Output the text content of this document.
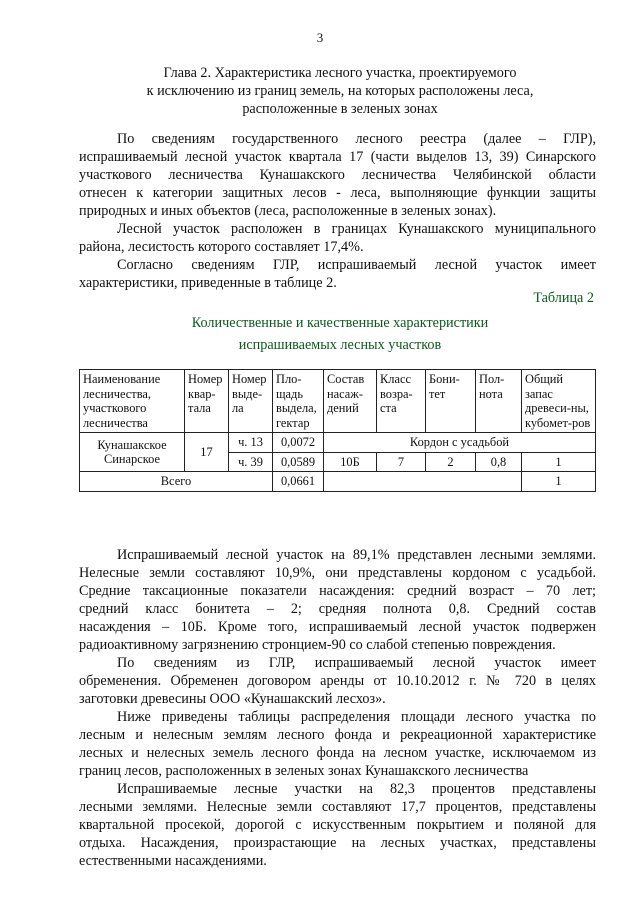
3
Глава 2. Характеристика лесного участка, проектируемого
к исключению из границ земель, на которых расположены леса,
расположенные в зеленых зонах
По сведениям государственного лесного реестра (далее – ГЛР),
испрашиваемый лесной участок квартала 17 (части выделов 13, 39) Синарского
участкового лесничества Кунашакского лесничества Челябинской области
отнесен к категории защитных лесов - леса, выполняющие функции защиты
природных и иных объектов (леса, расположенные в зеленых зонах).
Лесной участок расположен в границах Кунашакского муниципального
района, лесистость которого составляет 17,4%.
Согласно сведениям ГЛР, испрашиваемый лесной участок имеет
характеристики, приведенные в таблице 2.
Таблица 2
Количественные и качественные характеристики
испрашиваемых лесных участков
Наименование лесничества, участкового лесничества	Номер квар-тала	Номер выде-ла	Пло-щадь выдела, гектар	Состав насаж-дений	Класс возра-ста	Бони-тет	Пол-нота	Общий запас древеси-ны, кубомет-ров
Кунашакское Синарское	17	ч. 13	0,0072	Кордон с усадьбой				
		ч. 39	0,0589	10Б	7	2	0,8	1
Всего			0,0661					1
Испрашиваемый лесной участок на 89,1% представлен лесными землями.
Нелесные земли составляют 10,9%, они представлены кордоном с усадьбой.
Средние таксационные показатели насаждения: средний возраст – 70 лет;
средний класс бонитета – 2; средняя полнота 0,8. Средний состав
насаждения – 10Б. Кроме того, испрашиваемый лесной участок подвержен
радиоактивному загрязнению стронцием-90 со слабой степенью повреждения.
По сведениям из ГЛР, испрашиваемый лесной участок имеет
обременения. Обременен договором аренды от 10.10.2012 г. № 720 в целях
заготовки древесины ООО «Кунашакский лесхоз».
Ниже приведены таблицы распределения площади лесного участка по
лесным и нелесным землям лесного фонда и рекреационной характеристике
лесных и нелесных земель лесного фонда на лесном участке, исключаемом из
границ лесов, расположенных в зеленых зонах Кунашакского лесничества
Испрашиваемые лесные участки на 82,3 процентов представлены
лесными землями. Нелесные земли составляют 17,7 процентов, представлены
квартальной просекой, дорогой с искусственным покрытием и поляной для
отдыха. Насаждения, произрастающие на лесных участках, представлены
естественными насаждениями.
